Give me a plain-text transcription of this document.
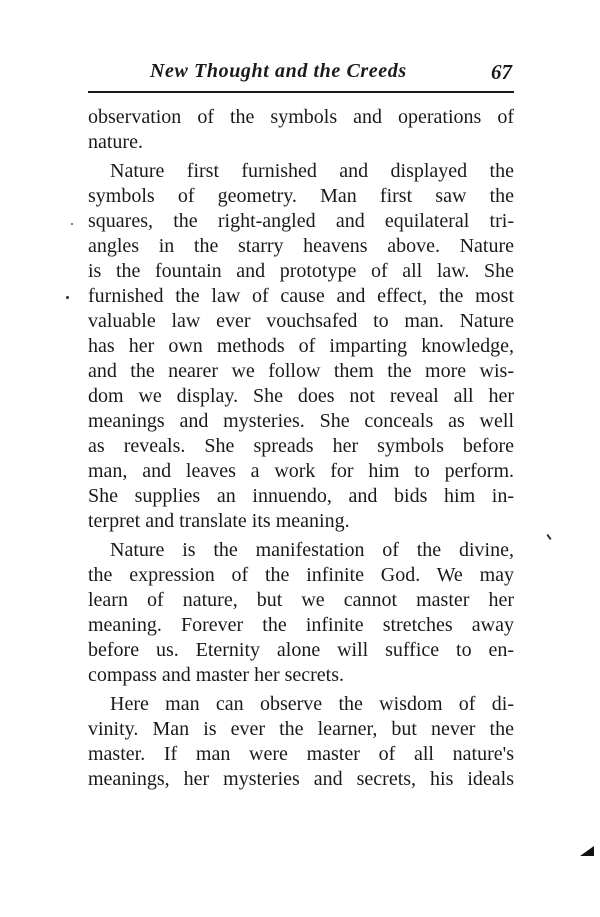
New Thought and the Creeds	67
observation of the symbols and operations of
nature.
Nature first furnished and displayed the
symbols of geometry. Man first saw the
squares, the right-angled and equilateral tri-
angles in the starry heavens above. Nature
is the fountain and prototype of all law. She
furnished the law of cause and effect, the most
valuable law ever vouchsafed to man. Nature
has her own methods of imparting knowledge,
and the nearer we follow them the more wis-
dom we display. She does not reveal all her
meanings and mysteries. She conceals as well
as reveals. She spreads her symbols before
man, and leaves a work for him to perform.
She supplies an innuendo, and bids him in-
terpret and translate its meaning.
Nature is the manifestation of the divine,
the expression of the infinite God. We may
learn of nature, but we cannot master her
meaning. Forever the infinite stretches away
before us. Eternity alone will suffice to en-
compass and master her secrets.
Here man can observe the wisdom of di-
vinity. Man is ever the learner, but never the
master. If man were master of all nature's
meanings, her mysteries and secrets, his ideals
